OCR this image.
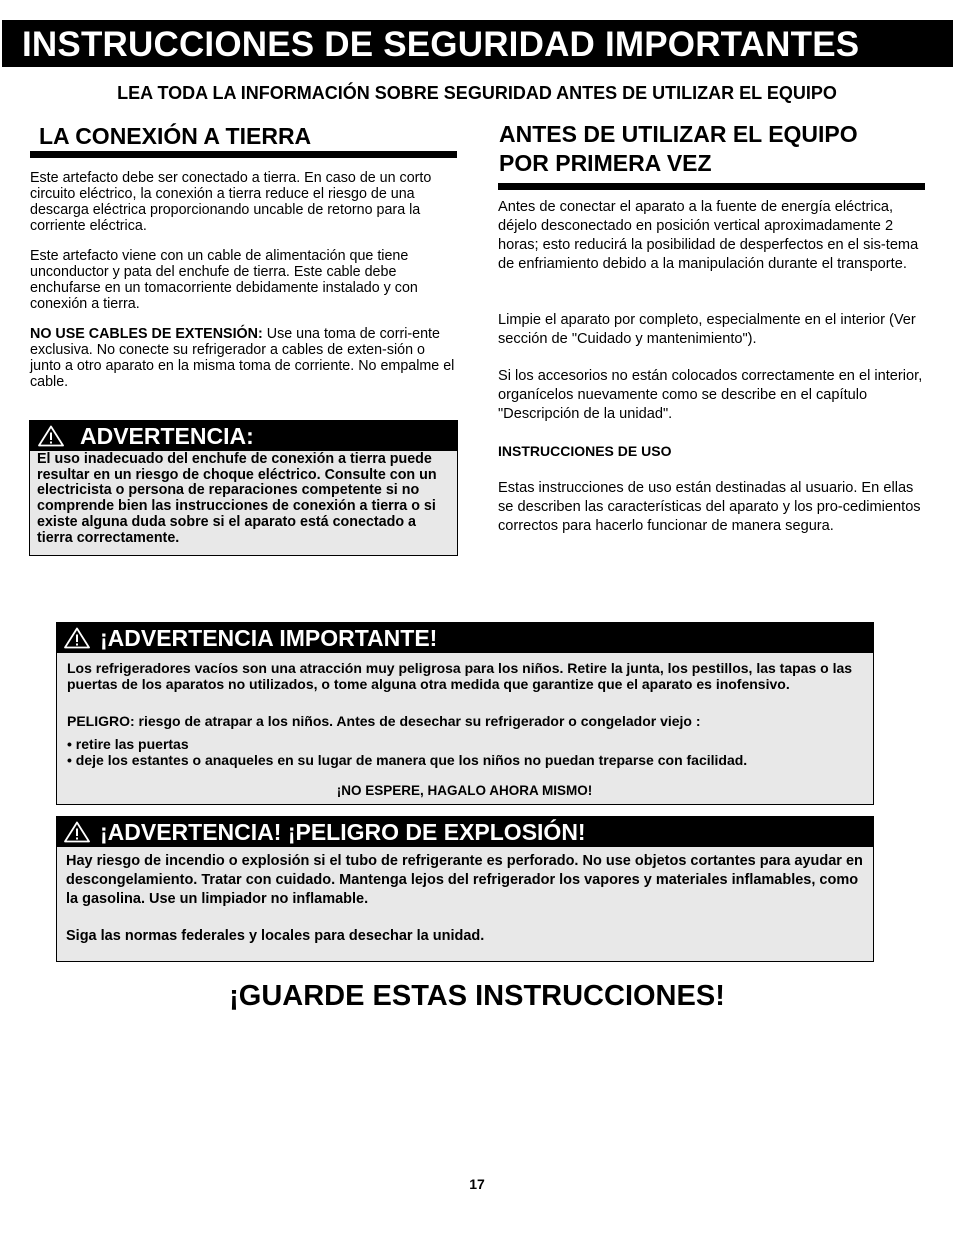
INSTRUCCIONES DE SEGURIDAD IMPORTANTES
LEA TODA LA INFORMACIÓN SOBRE SEGURIDAD ANTES DE UTILIZAR EL EQUIPO
LA CONEXIÓN A TIERRA

Este artefacto debe ser conectado a tierra. En caso de un corto circuito eléctrico, la conexión a tierra reduce el riesgo de una descarga eléctrica proporcionando uncable de retorno para la corriente eléctrica.

Este artefacto viene con un cable de alimentación que tiene unconductor y pata del enchufe de tierra. Este cable debe enchufarse en un tomacorriente debidamente instalado y con conexión a tierra.

NO USE CABLES DE EXTENSIÓN: Use una toma de corri-ente exclusiva. No conecte su refrigerador a cables de exten-sión o junto a otro aparato en la misma toma de corriente. No empalme el cable.

ADVERTENCIA:

El uso inadecuado del enchufe de conexión a tierra puede resultar en un riesgo de choque eléctrico. Consulte con un electricista o persona de reparaciones competente si no comprende bien las instrucciones de conexión a tierra o si existe alguna duda sobre si el aparato está conectado a tierra correctamente.

ANTES DE UTILIZAR EL EQUIPO
POR PRIMERA VEZ

Antes de conectar el aparato a la fuente de energía eléctrica, déjelo desconectado en posición vertical aproximadamente 2 horas; esto reducirá la posibilidad de desperfectos en el sis-tema de enfriamiento debido a la manipulación durante el transporte.

Limpie el aparato por completo, especialmente en el interior (Ver sección de "Cuidado y mantenimiento").

Si los accesorios no están colocados correctamente en el interior, organícelos nuevamente como se describe en el capítulo "Descripción de la unidad".

INSTRUCCIONES DE USO

Estas instrucciones de uso están destinadas al usuario. En ellas se describen las características del aparato y los pro-cedimientos correctos para hacerlo funcionar de manera segura.

¡ADVERTENCIA IMPORTANTE!

Los refrigeradores vacíos son una atracción muy peligrosa para los niños. Retire la junta, los pestillos, las tapas o las puertas de los aparatos no utilizados, o tome alguna otra medida que garantize que el aparato es inofensivo.

PELIGRO: riesgo de atrapar a los niños. Antes de desechar su refrigerador o congelador viejo :

• retire las puertas

• deje los estantes o anaqueles en su lugar de manera que los niños no puedan treparse con facilidad.

¡NO ESPERE, HAGALO AHORA MISMO!

¡ADVERTENCIA! ¡PELIGRO DE EXPLOSIÓN!

Hay riesgo de incendio o explosión si el tubo de refrigerante es perforado. No use objetos cortantes para ayudar en descongelamiento. Tratar con cuidado. Mantenga lejos del refrigerador los vapores y materiales inflamables, como la gasolina. Use un limpiador no inflamable.

Siga las normas federales y locales para desechar la unidad.

¡GUARDE ESTAS INSTRUCCIONES!
17
